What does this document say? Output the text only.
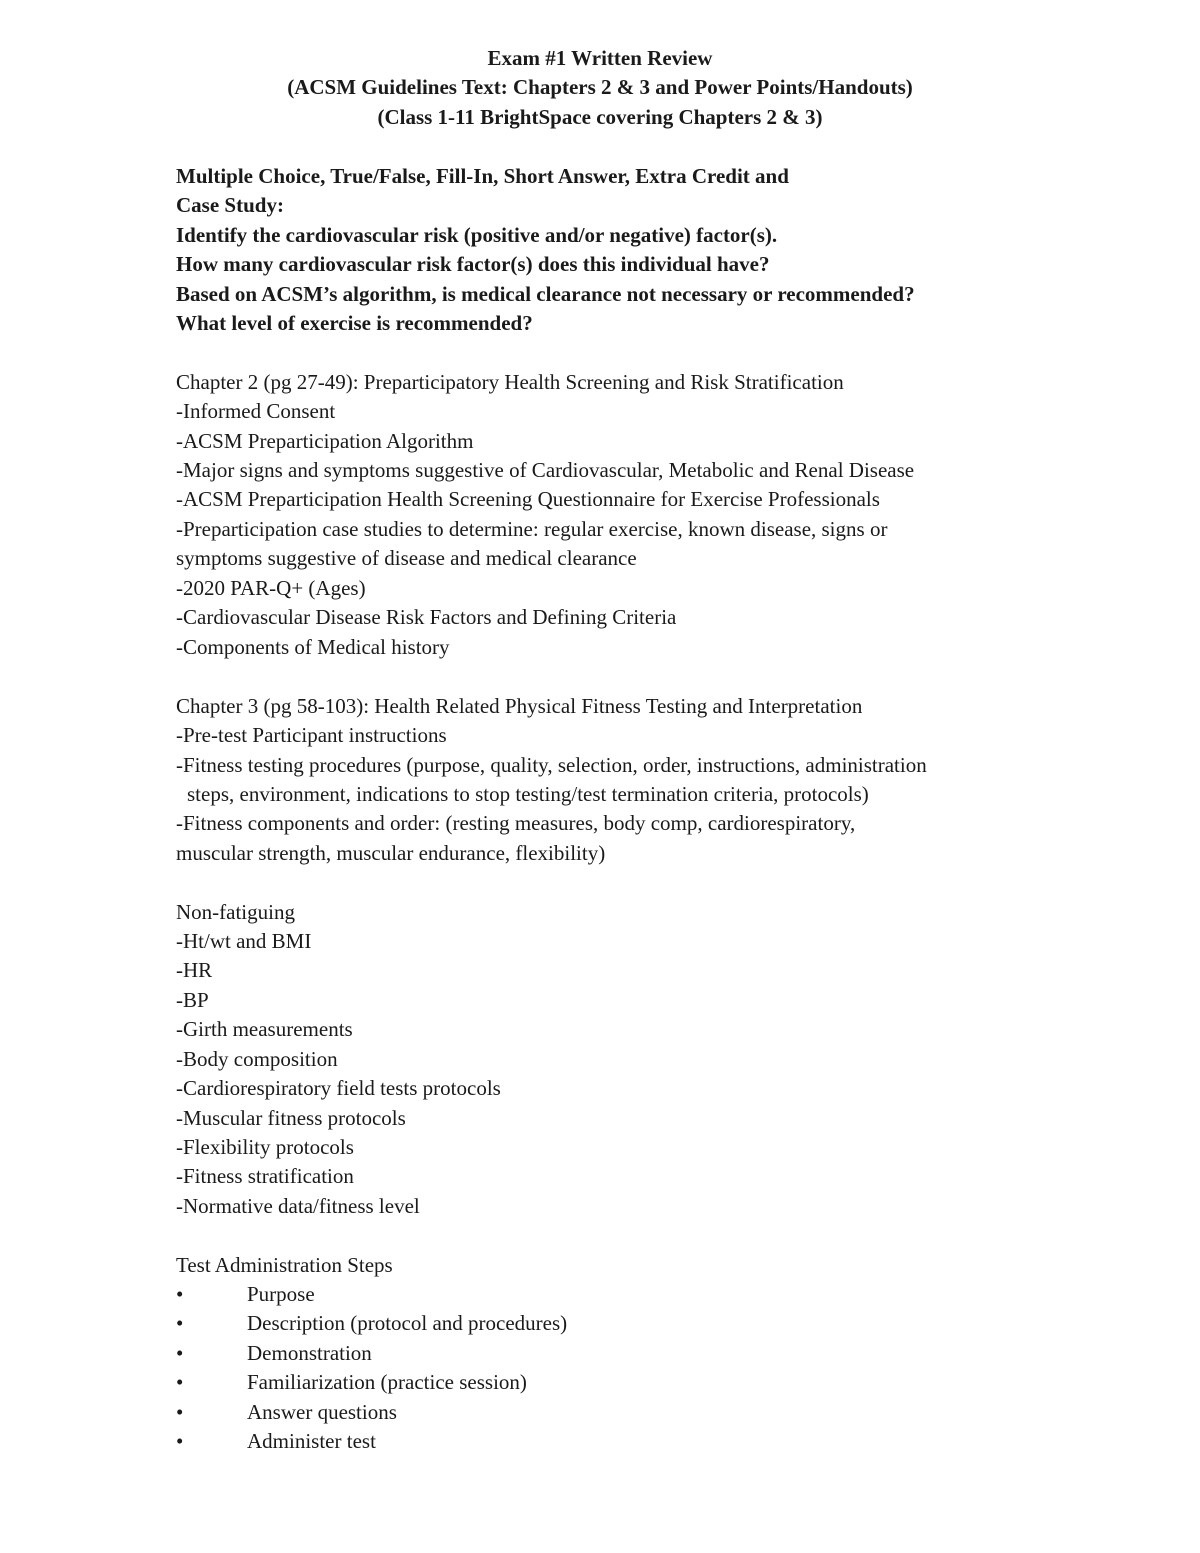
Exam #1 Written Review
(ACSM Guidelines Text: Chapters 2 & 3 and Power Points/Handouts)
(Class 1-11 BrightSpace covering Chapters 2 & 3)
Multiple Choice, True/False, Fill-In, Short Answer, Extra Credit and
Case Study:
Identify the cardiovascular risk (positive and/or negative) factor(s).
How many cardiovascular risk factor(s) does this individual have?
Based on ACSM’s algorithm, is medical clearance not necessary or recommended?
What level of exercise is recommended?
Chapter 2 (pg 27-49): Preparticipatory Health Screening and Risk Stratification
-Informed Consent
-ACSM Preparticipation Algorithm
-Major signs and symptoms suggestive of Cardiovascular, Metabolic and Renal Disease
-ACSM Preparticipation Health Screening Questionnaire for Exercise Professionals
-Preparticipation case studies to determine: regular exercise, known disease, signs or
symptoms suggestive of disease and medical clearance
-2020 PAR-Q+ (Ages)
-Cardiovascular Disease Risk Factors and Defining Criteria
-Components of Medical history
Chapter 3 (pg 58-103): Health Related Physical Fitness Testing and Interpretation
-Pre-test Participant instructions
-Fitness testing procedures (purpose, quality, selection, order, instructions, administration
steps, environment, indications to stop testing/test termination criteria, protocols)
-Fitness components and order: (resting measures, body comp, cardiorespiratory,
muscular strength, muscular endurance, flexibility)
Non-fatiguing
-Ht/wt and BMI
-HR
-BP
-Girth measurements
-Body composition
-Cardiorespiratory field tests protocols
-Muscular fitness protocols
-Flexibility protocols
-Fitness stratification
-Normative data/fitness level
Test Administration Steps
•	Purpose
•	Description (protocol and procedures)
•	Demonstration
•	Familiarization (practice session)
•	Answer questions
•	Administer test
